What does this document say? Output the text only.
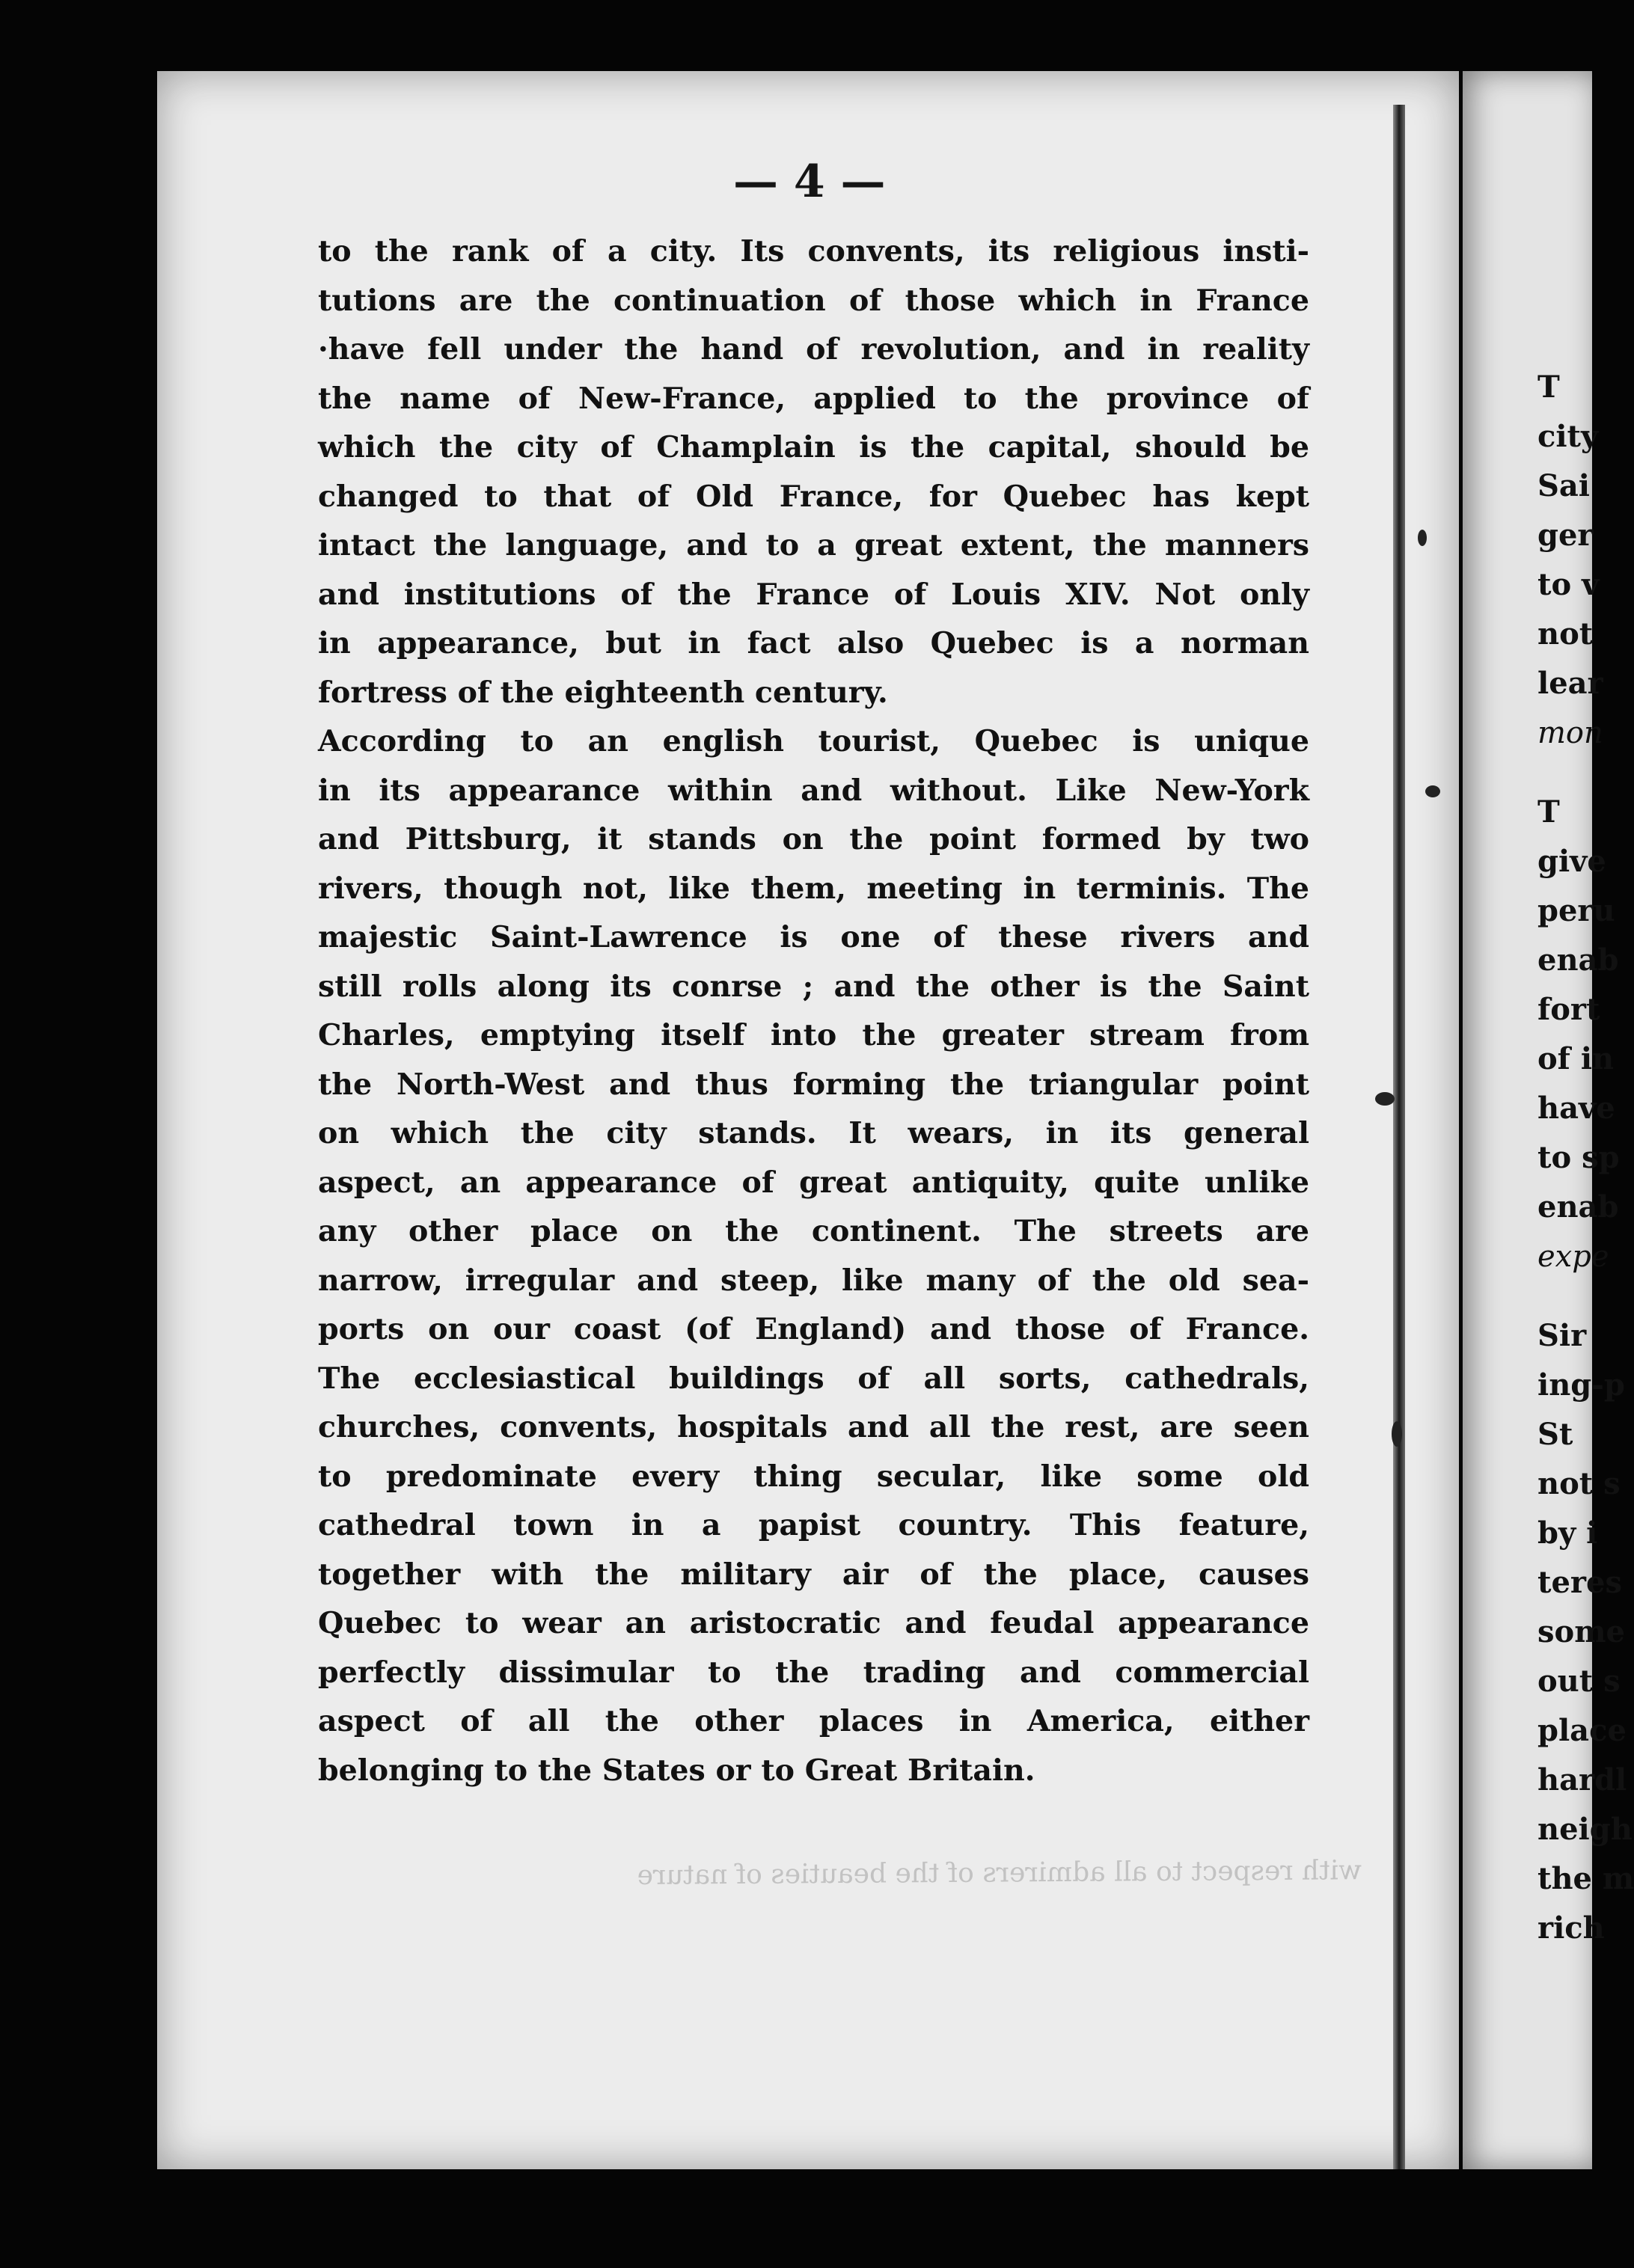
— 4 —

to the rank of a city. Its convents, its religious insti-
tutions are the continuation of those which in France
·have fell under the hand of revolution, and in reality
the name of New-France, applied to the province of
which the city of Champlain is the capital, should be
changed to that of Old France, for Quebec has kept
intact the language, and to a great extent, the manners
and institutions of the France of Louis XIV. Not only
in appearance, but in fact also Quebec is a norman
fortress of the eighteenth century.
According to an english tourist, Quebec is unique
in its appearance within and without. Like New-York
and Pittsburg, it stands on the point formed by two
rivers, though not, like them, meeting in terminis. The
majestic Saint-Lawrence is one of these rivers and
still rolls along its conrse ; and the other is the Saint
Charles, emptying itself into the greater stream from
the North-West and thus forming the triangular point
on which the city stands. It wears, in its general
aspect, an appearance of great antiquity, quite unlike
any other place on the continent. The streets are
narrow, irregular and steep, like many of the old sea-
ports on our coast (of England) and those of France.
The ecclesiastical buildings of all sorts, cathedrals,
churches, convents, hospitals and all the rest, are seen
to predominate every thing secular, like some old
cathedral town in a papist country. This feature,
together with the military air of the place, causes
Quebec to wear an aristocratic and feudal appearance
perfectly dissimular to the trading and commercial
aspect of all the other places in America, either
belonging to the States or to Great Britain.

with respect to all admirers of the beauties of nature

T
city
Sai
ger
to v
not
lear
mon
T
give
peru
enab
fort
of in
have
to sp
enab
expe
Sir
ing-p
St
not s
by i
teres
some
out s
place
hardl
neigh
the m
rich
